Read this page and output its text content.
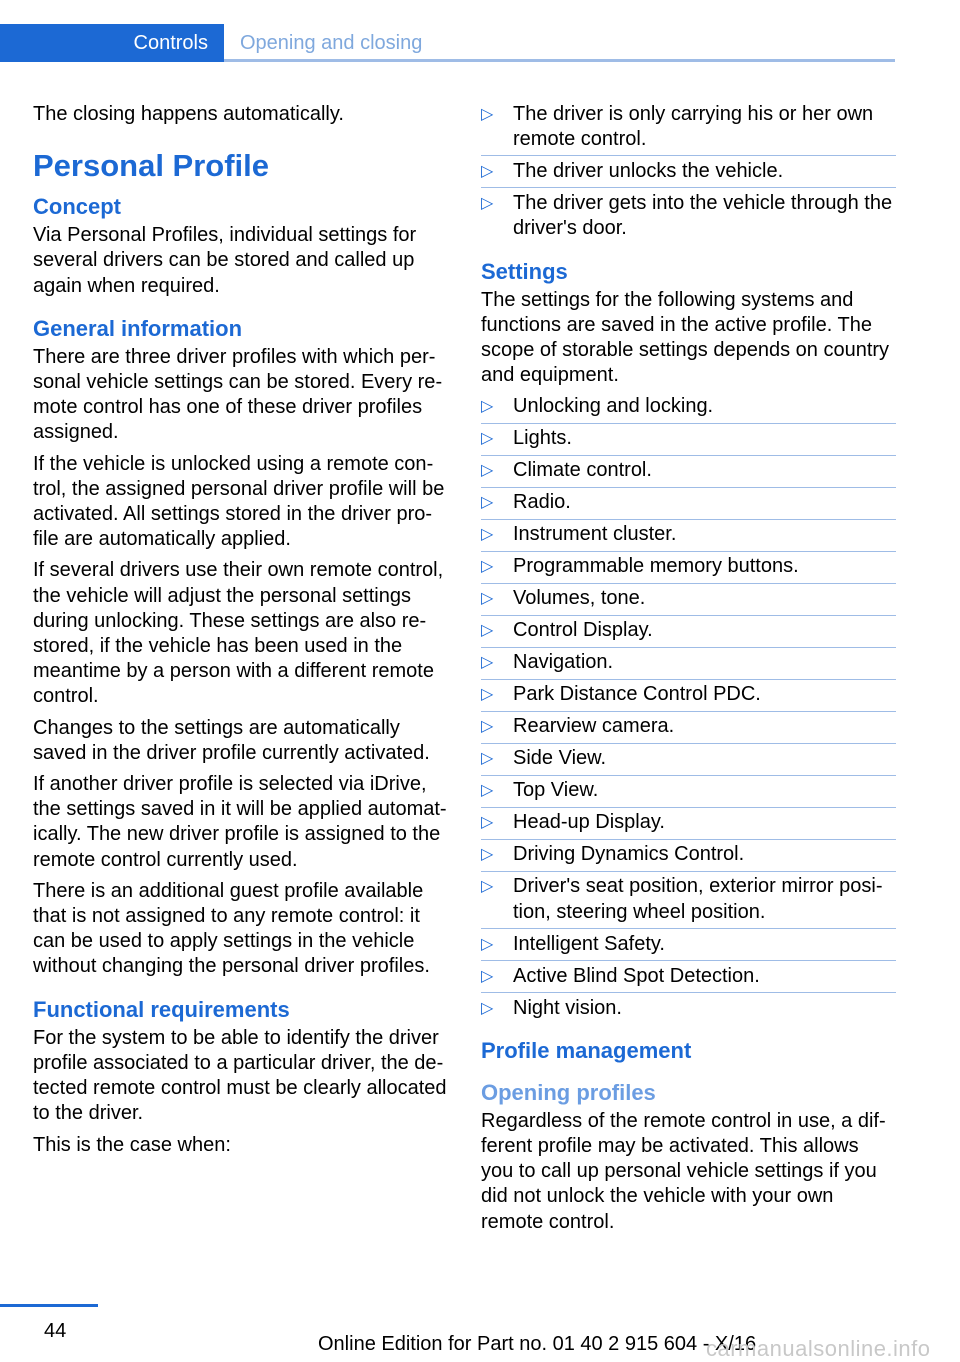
Controls Opening and closing

The closing happens automatically.

Personal Profile
Concept

Via Personal Profiles, individual settings for several drivers can be stored and called up again when required.

General information

There are three driver profiles with which personal vehicle settings can be stored. Every remote control has one of these driver profiles assigned.

If the vehicle is unlocked using a remote control, the assigned personal driver profile will be activated. All settings stored in the driver profile are automatically applied.

If several drivers use their own remote control, the vehicle will adjust the personal settings during unlocking. These settings are also restored, if the vehicle has been used in the meantime by a person with a different remote control.

Changes to the settings are automatically saved in the driver profile currently activated.

If another driver profile is selected via iDrive, the settings saved in it will be applied automatically. The new driver profile is assigned to the remote control currently used.

There is an additional guest profile available that is not assigned to any remote control: it can be used to apply settings in the vehicle without changing the personal driver profiles.

Functional requirements

For the system to be able to identify the driver profile associated to a particular driver, the detected remote control must be clearly allocated to the driver.

This is the case when:

▷ The driver is only carrying his or her own remote control.
▷ The driver unlocks the vehicle.
▷ The driver gets into the vehicle through the driver's door.
Settings

The settings for the following systems and functions are saved in the active profile. The scope of storable settings depends on country and equipment.

▷ Unlocking and locking.
▷ Lights.
▷ Climate control.
▷ Radio.
▷ Instrument cluster.
▷ Programmable memory buttons.
▷ Volumes, tone.
▷ Control Display.
▷ Navigation.
▷ Park Distance Control PDC.
▷ Rearview camera.
▷ Side View.
▷ Top View.
▷ Head-up Display.
▷ Driving Dynamics Control.
▷ Driver's seat position, exterior mirror position, steering wheel position.
▷ Intelligent Safety.
▷ Active Blind Spot Detection.
▷ Night vision.
Profile management
Opening profiles

Regardless of the remote control in use, a different profile may be activated. This allows you to call up personal vehicle settings if you did not unlock the vehicle with your own remote control.

44
Online Edition for Part no. 01 40 2 915 604 - X/16
carmanualsonline.info
